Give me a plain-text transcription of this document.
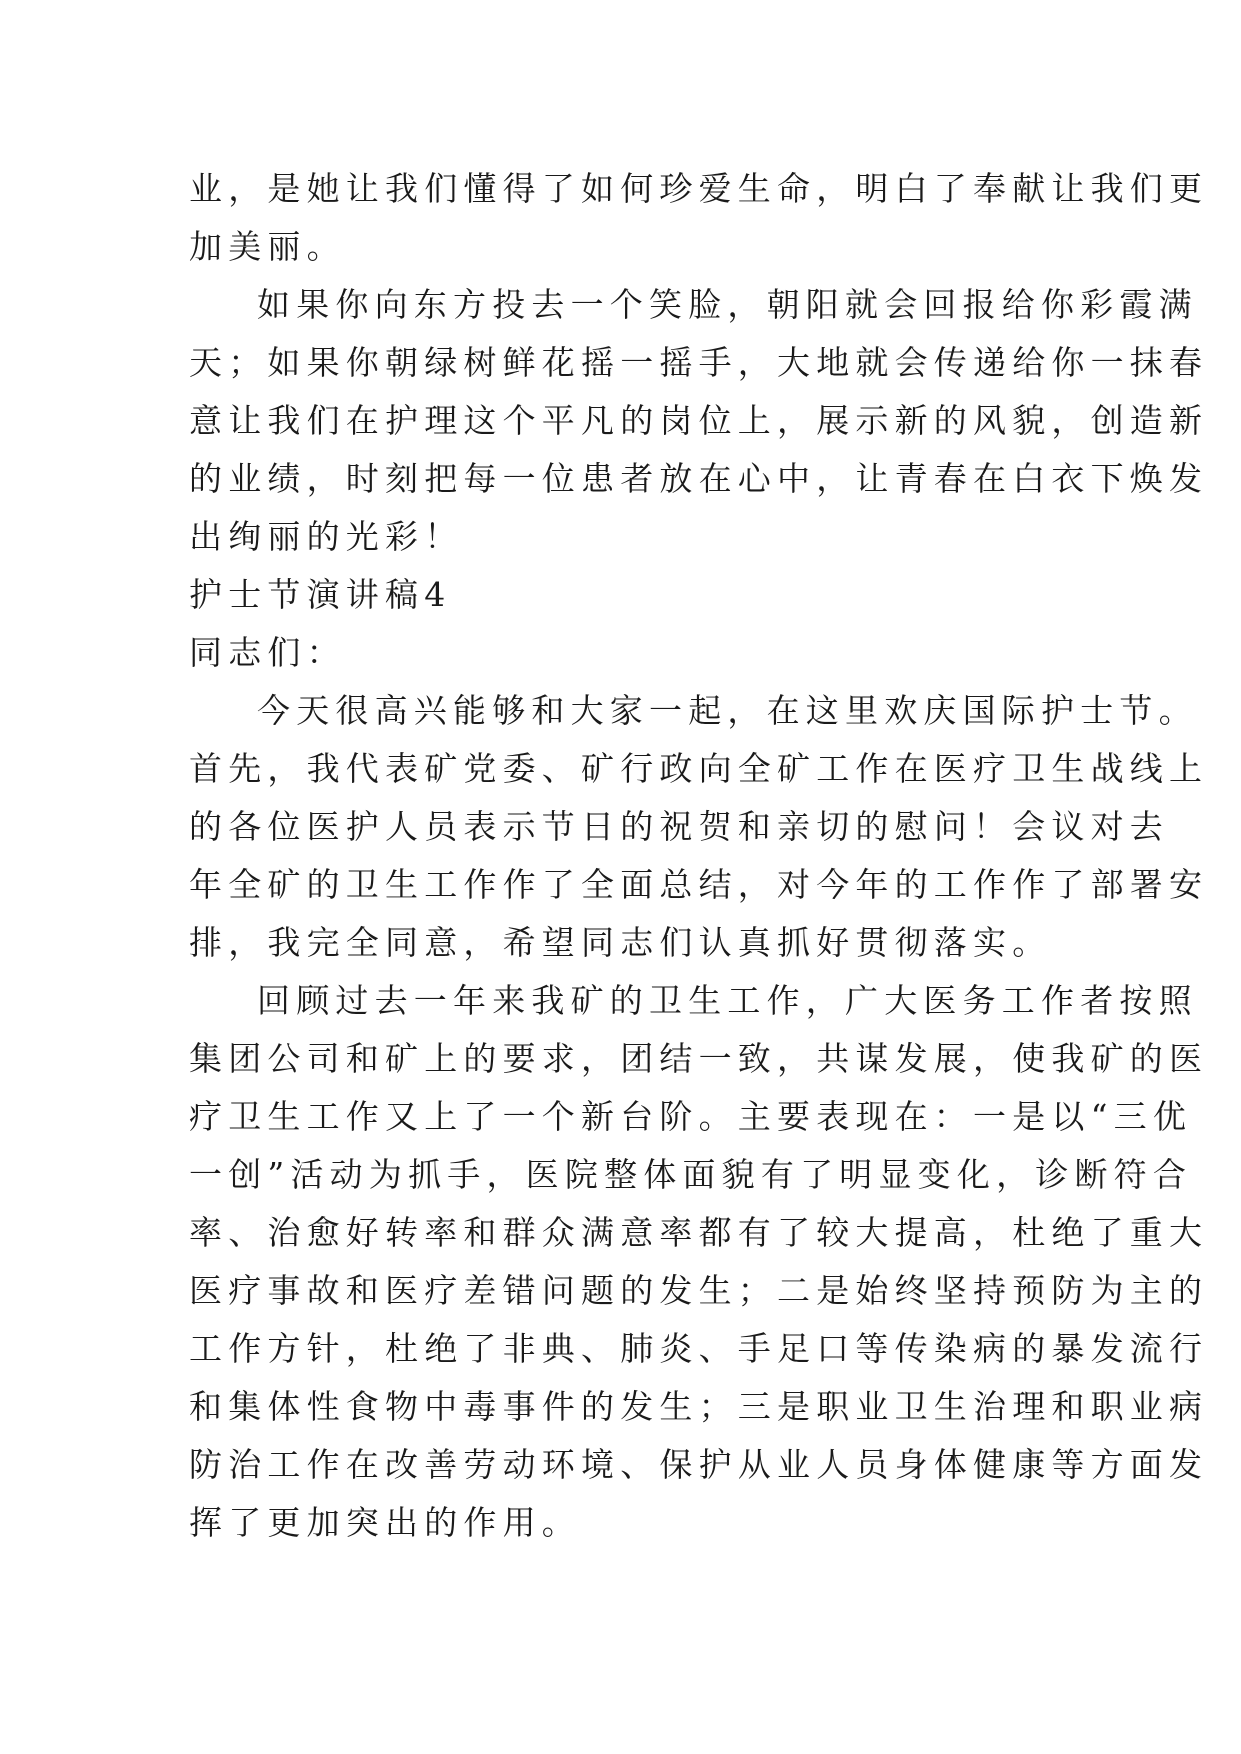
业，是她让我们懂得了如何珍爱生命，明白了奉献让我们更
加美丽。
如果你向东方投去一个笑脸，朝阳就会回报给你彩霞满
天；如果你朝绿树鲜花摇一摇手，大地就会传递给你一抹春
意让我们在护理这个平凡的岗位上，展示新的风貌，创造新
的业绩，时刻把每一位患者放在心中，让青春在白衣下焕发
出绚丽的光彩！
护士节演讲稿4
同志们：
今天很高兴能够和大家一起，在这里欢庆国际护士节。
首先，我代表矿党委、矿行政向全矿工作在医疗卫生战线上
的各位医护人员表示节日的祝贺和亲切的慰问！会议对去
年全矿的卫生工作作了全面总结，对今年的工作作了部署安
排，我完全同意，希望同志们认真抓好贯彻落实。
回顾过去一年来我矿的卫生工作，广大医务工作者按照
集团公司和矿上的要求，团结一致，共谋发展，使我矿的医
疗卫生工作又上了一个新台阶。主要表现在：一是以“三优
一创”活动为抓手，医院整体面貌有了明显变化，诊断符合
率、治愈好转率和群众满意率都有了较大提高，杜绝了重大
医疗事故和医疗差错问题的发生；二是始终坚持预防为主的
工作方针，杜绝了非典、肺炎、手足口等传染病的暴发流行
和集体性食物中毒事件的发生；三是职业卫生治理和职业病
防治工作在改善劳动环境、保护从业人员身体健康等方面发
挥了更加突出的作用。
